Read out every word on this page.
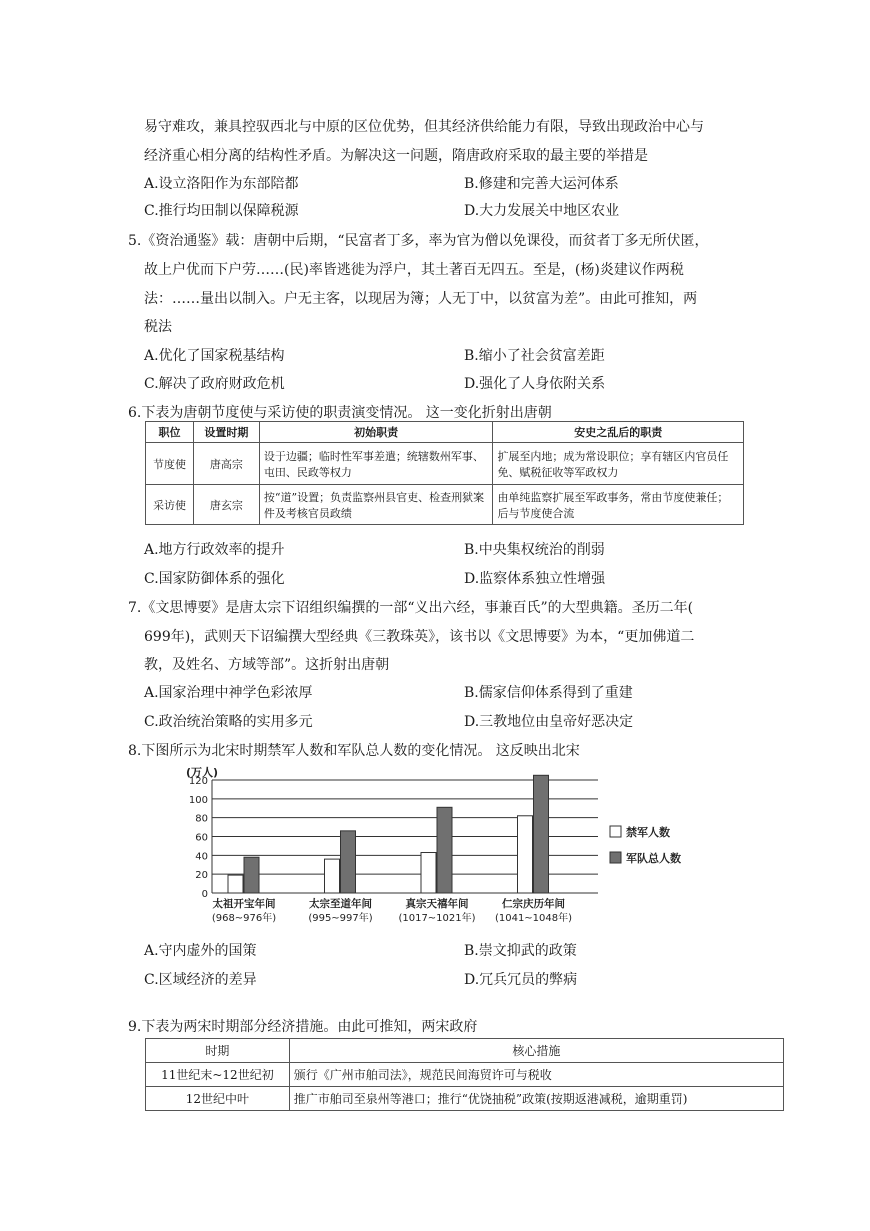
易守难攻，兼具控驭西北与中原的区位优势，但其经济供给能力有限，导致出现政治中心与
经济重心相分离的结构性矛盾。为解决这一问题，隋唐政府采取的最主要的举措是
A.设立洛阳作为东部陪都	B.修建和完善大运河体系
C.推行均田制以保障税源	D.大力发展关中地区农业
5.《资治通鉴》载：唐朝中后期，“民富者丁多，率为官为僧以免课役，而贫者丁多无所伏匿，
故上户优而下户劳……(民)率皆逃徙为浮户，其土著百无四五。至是，(杨)炎建议作两税
法：……量出以制入。户无主客，以现居为簿；人无丁中，以贫富为差”。由此可推知，两
税法
A.优化了国家税基结构	B.缩小了社会贫富差距
C.解决了政府财政危机	D.强化了人身依附关系
6.下表为唐朝节度使与采访使的职责演变情况。 这一变化折射出唐朝
职位	设置时期	初始职责	安史之乱后的职责
节度使	唐高宗	设于边疆；临时性军事差遣；统辖数州军事、屯田、民政等权力	扩展至内地；成为常设职位；享有辖区内官员任免、赋税征收等军政权力
采访使	唐玄宗	按“道”设置；负责监察州县官吏、检查刑狱案件及考核官员政绩	由单纯监察扩展至军政事务，常由节度使兼任；后与节度使合流
A.地方行政效率的提升	B.中央集权统治的削弱
C.国家防御体系的强化	D.监察体系独立性增强
7.《文思博要》是唐太宗下诏组织编撰的一部“义出六经，事兼百氏”的大型典籍。圣历二年(
699年)，武则天下诏编撰大型经典《三教珠英》，该书以《文思博要》为本，“更加佛道二
教，及姓名、方域等部”。这折射出唐朝
A.国家治理中神学色彩浓厚	B.儒家信仰体系得到了重建
C.政治统治策略的实用多元	D.三教地位由皇帝好恶决定
8.下图所示为北宋时期禁军人数和军队总人数的变化情况。 这反映出北宋
(万人)
0
20
40
60
80
100
120
太祖开宝年间
(968~976年)
太宗至道年间
(995~997年)
真宗天禧年间
(1017~1021年)
仁宗庆历年间
(1041~1048年)
禁军人数
军队总人数
A.守内虚外的国策	B.崇文抑武的政策
C.区域经济的差异	D.冗兵冗员的弊病
9.下表为两宋时期部分经济措施。由此可推知，两宋政府
时期	核心措施
11世纪末~12世纪初	颁行《广州市舶司法》，规范民间海贸许可与税收
12世纪中叶	推广市舶司至泉州等港口；推行“优饶抽税”政策(按期返港减税，逾期重罚)
